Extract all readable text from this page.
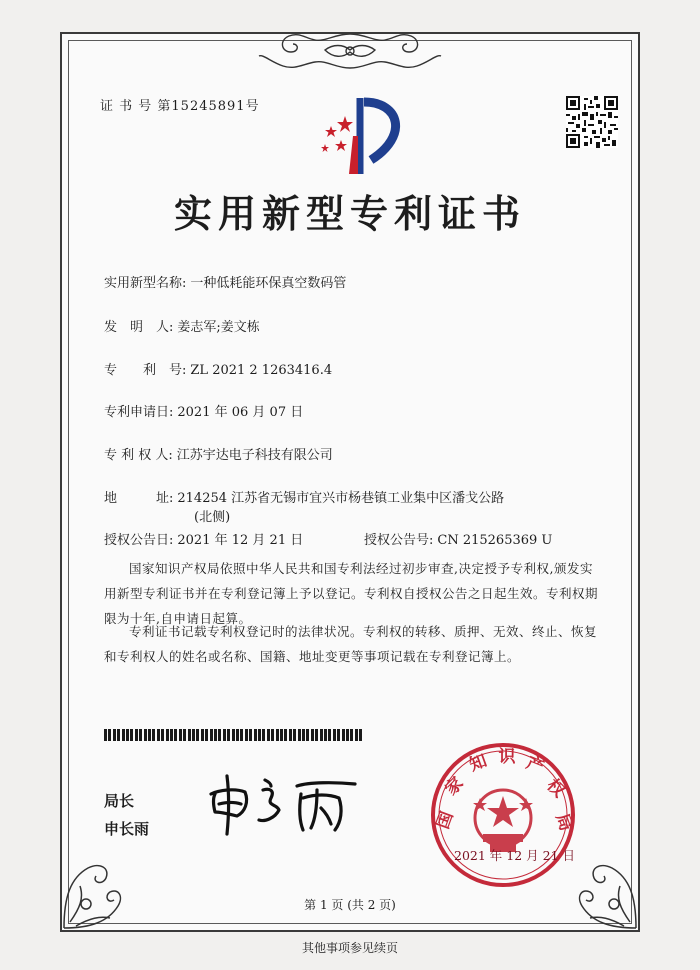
证 书 号 第15245891号
实用新型专利证书
实用新型名称: 一种低耗能环保真空数码管
发　明　人: 姜志军;姜文栋
专　　利　号: ZL 2021 2 1263416.4
专利申请日: 2021 年 06 月 07 日
专 利 权 人: 江苏宇达电子科技有限公司
地　　　址: 214254 江苏省无锡市宜兴市杨巷镇工业集中区潘戈公路
(北侧)
授权公告日: 2021 年 12 月 21 日	授权公告号: CN 215265369 U
国家知识产权局依照中华人民共和国专利法经过初步审查,决定授予专利权,颁发实用新型专利证书并在专利登记簿上予以登记。专利权自授权公告之日起生效。专利权期限为十年,自申请日起算。
专利证书记载专利权登记时的法律状况。专利权的转移、质押、无效、终止、恢复和专利权人的姓名或名称、国籍、地址变更等事项记载在专利登记簿上。
局长
申长雨	国
家
知 识 产
权
局
2021 年 12 月 21 日
第 1 页 (共 2 页)
其他事项参见续页
